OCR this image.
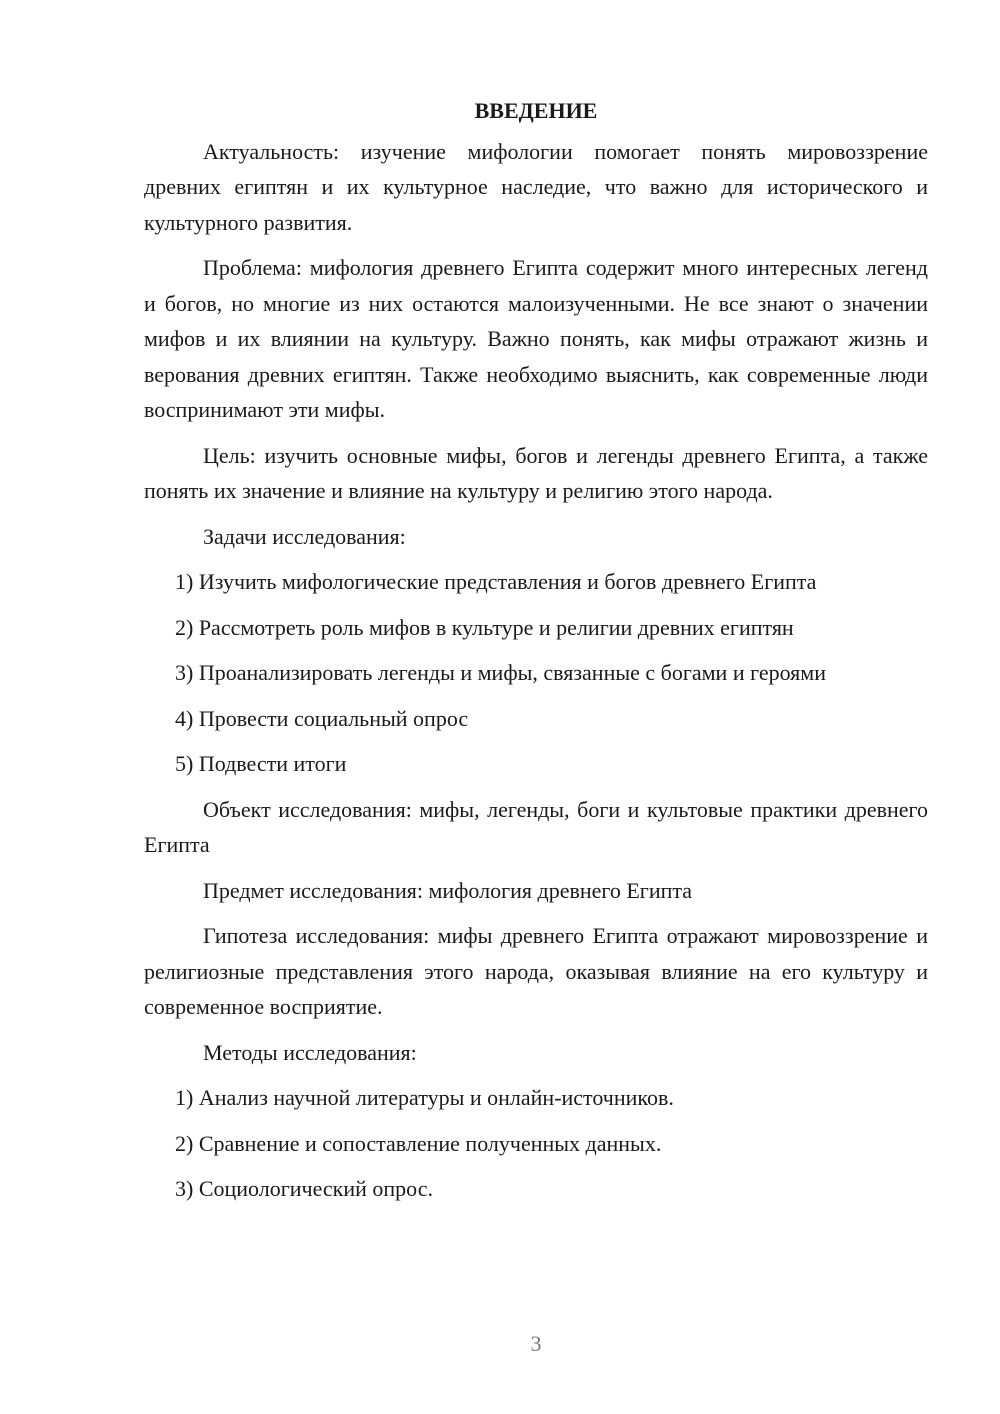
ВВЕДЕНИЕ

Актуальность: изучение мифологии помогает понять мировоззрение древних египтян и их культурное наследие, что важно для исторического и культурного развития.

Проблема: мифология древнего Египта содержит много интересных легенд и богов, но многие из них остаются малоизученными. Не все знают о значении мифов и их влиянии на культуру. Важно понять, как мифы отражают жизнь и верования древних египтян. Также необходимо выяснить, как современные люди воспринимают эти мифы.

Цель: изучить основные мифы, богов и легенды древнего Египта, а также понять их значение и влияние на культуру и религию этого народа.

Задачи исследования:

1) Изучить мифологические представления и богов древнего Египта
2) Рассмотреть роль мифов в культуре и религии древних египтян
3) Проанализировать легенды и мифы, связанные с богами и героями
4) Провести социальный опрос
5) Подвести итоги

Объект исследования: мифы, легенды, боги и культовые практики древнего Египта

Предмет исследования: мифология древнего Египта

Гипотеза исследования: мифы древнего Египта отражают мировоззрение и религиозные представления этого народа, оказывая влияние на его культуру и современное восприятие.

Методы исследования:

1) Анализ научной литературы и онлайн-источников.
2) Сравнение и сопоставление полученных данных.
3) Социологический опрос.
3
